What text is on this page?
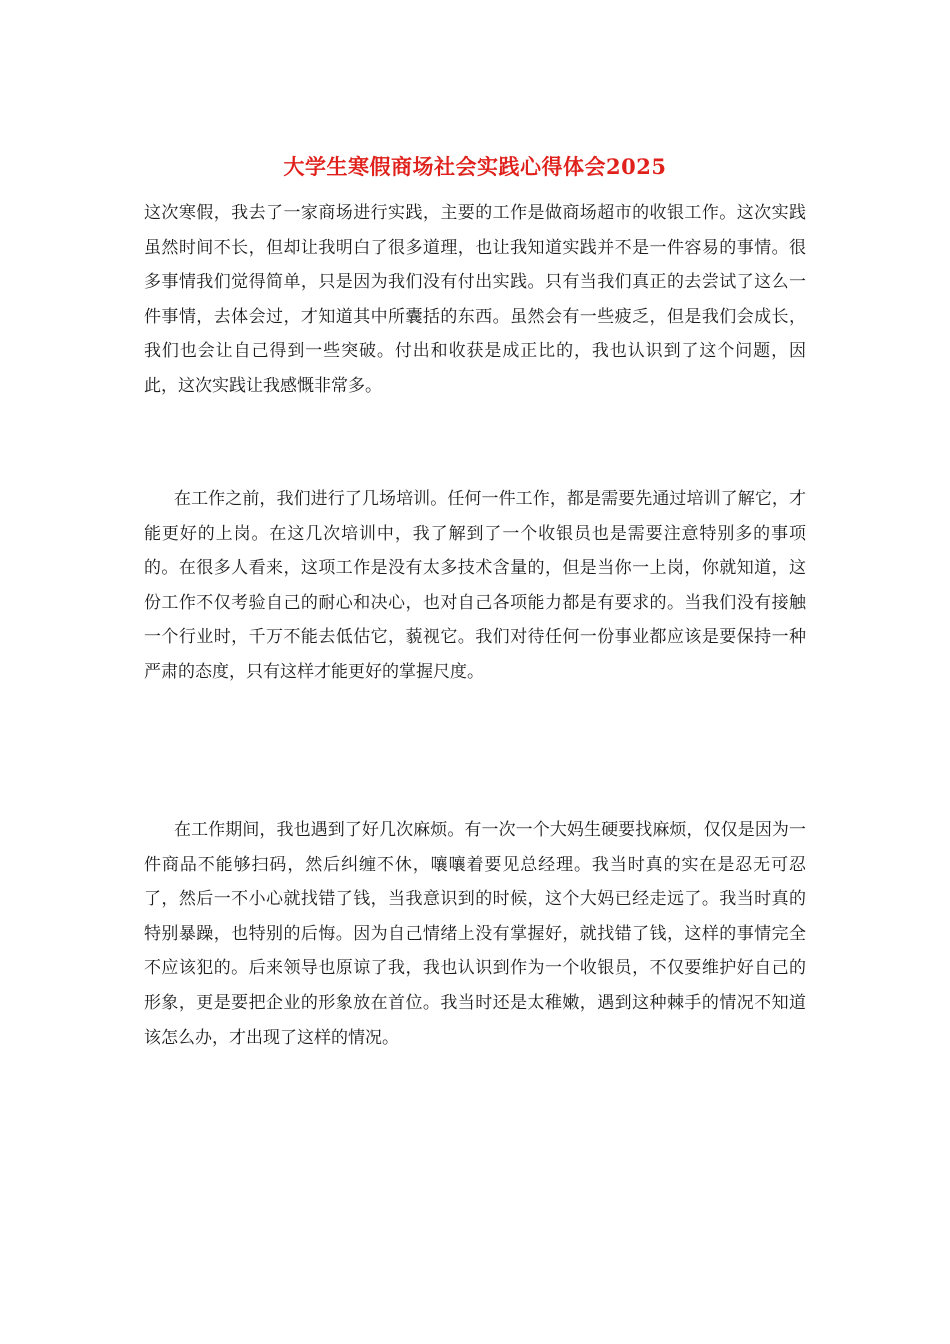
大学生寒假商场社会实践心得体会2025

这次寒假，我去了一家商场进行实践，主要的工作是做商场超市的收银工作。这次实践虽然时间不长，但却让我明白了很多道理，也让我知道实践并不是一件容易的事情。很多事情我们觉得简单，只是因为我们没有付出实践。只有当我们真正的去尝试了这么一件事情，去体会过，才知道其中所囊括的东西。虽然会有一些疲乏，但是我们会成长，我们也会让自己得到一些突破。付出和收获是成正比的，我也认识到了这个问题，因此，这次实践让我感慨非常多。

在工作之前，我们进行了几场培训。任何一件工作，都是需要先通过培训了解它，才能更好的上岗。在这几次培训中，我了解到了一个收银员也是需要注意特别多的事项的。在很多人看来，这项工作是没有太多技术含量的，但是当你一上岗，你就知道，这份工作不仅考验自己的耐心和决心，也对自己各项能力都是有要求的。当我们没有接触一个行业时，千万不能去低估它，藐视它。我们对待任何一份事业都应该是要保持一种严肃的态度，只有这样才能更好的掌握尺度。

在工作期间，我也遇到了好几次麻烦。有一次一个大妈生硬要找麻烦，仅仅是因为一件商品不能够扫码，然后纠缠不休，嚷嚷着要见总经理。我当时真的实在是忍无可忍了，然后一不小心就找错了钱，当我意识到的时候，这个大妈已经走远了。我当时真的特别暴躁，也特别的后悔。因为自己情绪上没有掌握好，就找错了钱，这样的事情完全不应该犯的。后来领导也原谅了我，我也认识到作为一个收银员，不仅要维护好自己的形象，更是要把企业的形象放在首位。我当时还是太稚嫩，遇到这种棘手的情况不知道该怎么办，才出现了这样的情况。
